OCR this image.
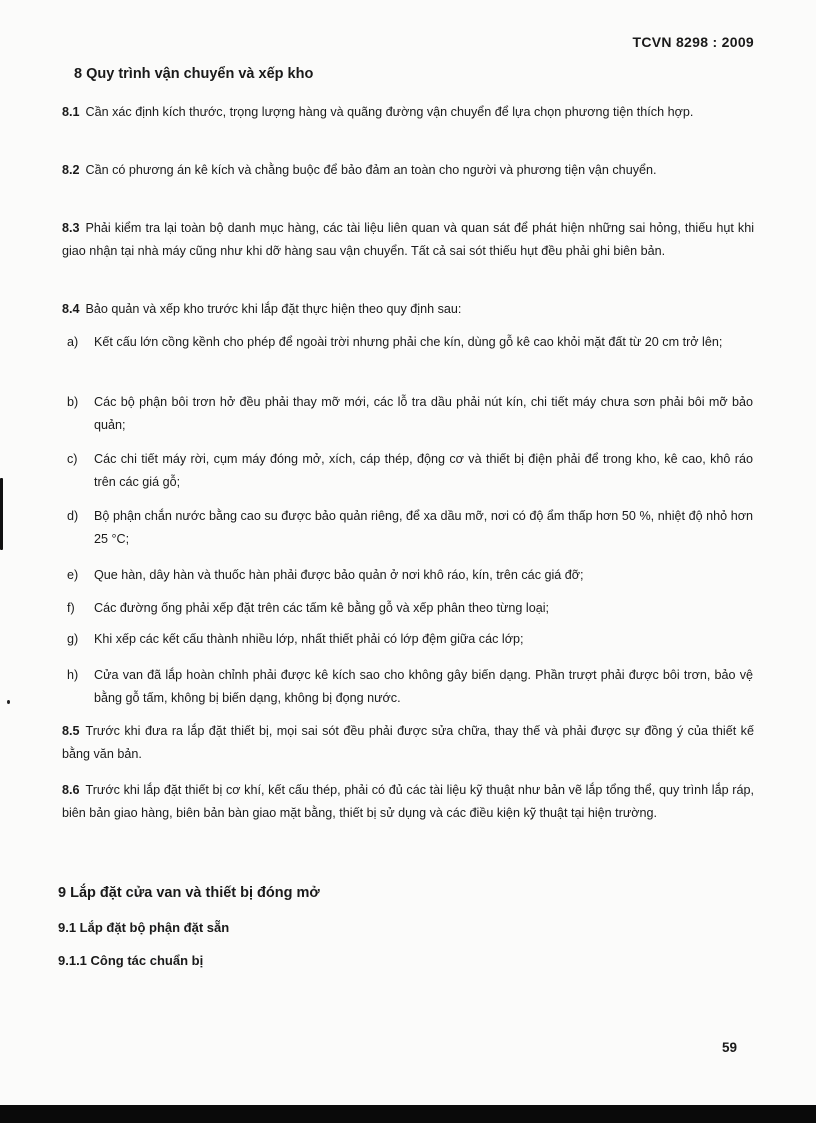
TCVN 8298 : 2009
8 Quy trình vận chuyển và xếp kho
8.1 Cần xác định kích thước, trọng lượng hàng và quãng đường vận chuyển để lựa chọn phương tiện thích hợp.
8.2 Cần có phương án kê kích và chằng buộc để bảo đảm an toàn cho người và phương tiện vận chuyển.
8.3 Phải kiểm tra lại toàn bộ danh mục hàng, các tài liệu liên quan và quan sát để phát hiện những sai hỏng, thiếu hụt khi giao nhận tại nhà máy cũng như khi dỡ hàng sau vận chuyển. Tất cả sai sót thiếu hụt đều phải ghi biên bản.
8.4 Bảo quản và xếp kho trước khi lắp đặt thực hiện theo quy định sau:
a) Kết cấu lớn cồng kềnh cho phép để ngoài trời nhưng phải che kín, dùng gỗ kê cao khỏi mặt đất từ 20 cm trở lên;
b) Các bộ phận bôi trơn hở đều phải thay mỡ mới, các lỗ tra dầu phải nút kín, chi tiết máy chưa sơn phải bôi mỡ bảo quản;
c) Các chi tiết máy rời, cụm máy đóng mở, xích, cáp thép, động cơ và thiết bị điện phải để trong kho, kê cao, khô ráo trên các giá gỗ;
d) Bộ phận chắn nước bằng cao su được bảo quản riêng, để xa dầu mỡ, nơi có độ ẩm thấp hơn 50 %, nhiệt độ nhỏ hơn 25 °C;
e) Que hàn, dây hàn và thuốc hàn phải được bảo quản ở nơi khô ráo, kín, trên các giá đỡ;
f) Các đường ống phải xếp đặt trên các tấm kê bằng gỗ và xếp phân theo từng loại;
g) Khi xếp các kết cấu thành nhiều lớp, nhất thiết phải có lớp đệm giữa các lớp;
h) Cửa van đã lắp hoàn chỉnh phải được kê kích sao cho không gây biến dạng. Phần trượt phải được bôi trơn, bảo vệ bằng gỗ tấm, không bị biến dạng, không bị đọng nước.
8.5 Trước khi đưa ra lắp đặt thiết bị, mọi sai sót đều phải được sửa chữa, thay thế và phải được sự đồng ý của thiết kế bằng văn bản.
8.6 Trước khi lắp đặt thiết bị cơ khí, kết cấu thép, phải có đủ các tài liệu kỹ thuật như bản vẽ lắp tổng thể, quy trình lắp ráp, biên bản giao hàng, biên bản bàn giao mặt bằng, thiết bị sử dụng và các điều kiện kỹ thuật tại hiện trường.
9 Lắp đặt cửa van và thiết bị đóng mở
9.1 Lắp đặt bộ phận đặt sẵn
9.1.1 Công tác chuẩn bị
59
